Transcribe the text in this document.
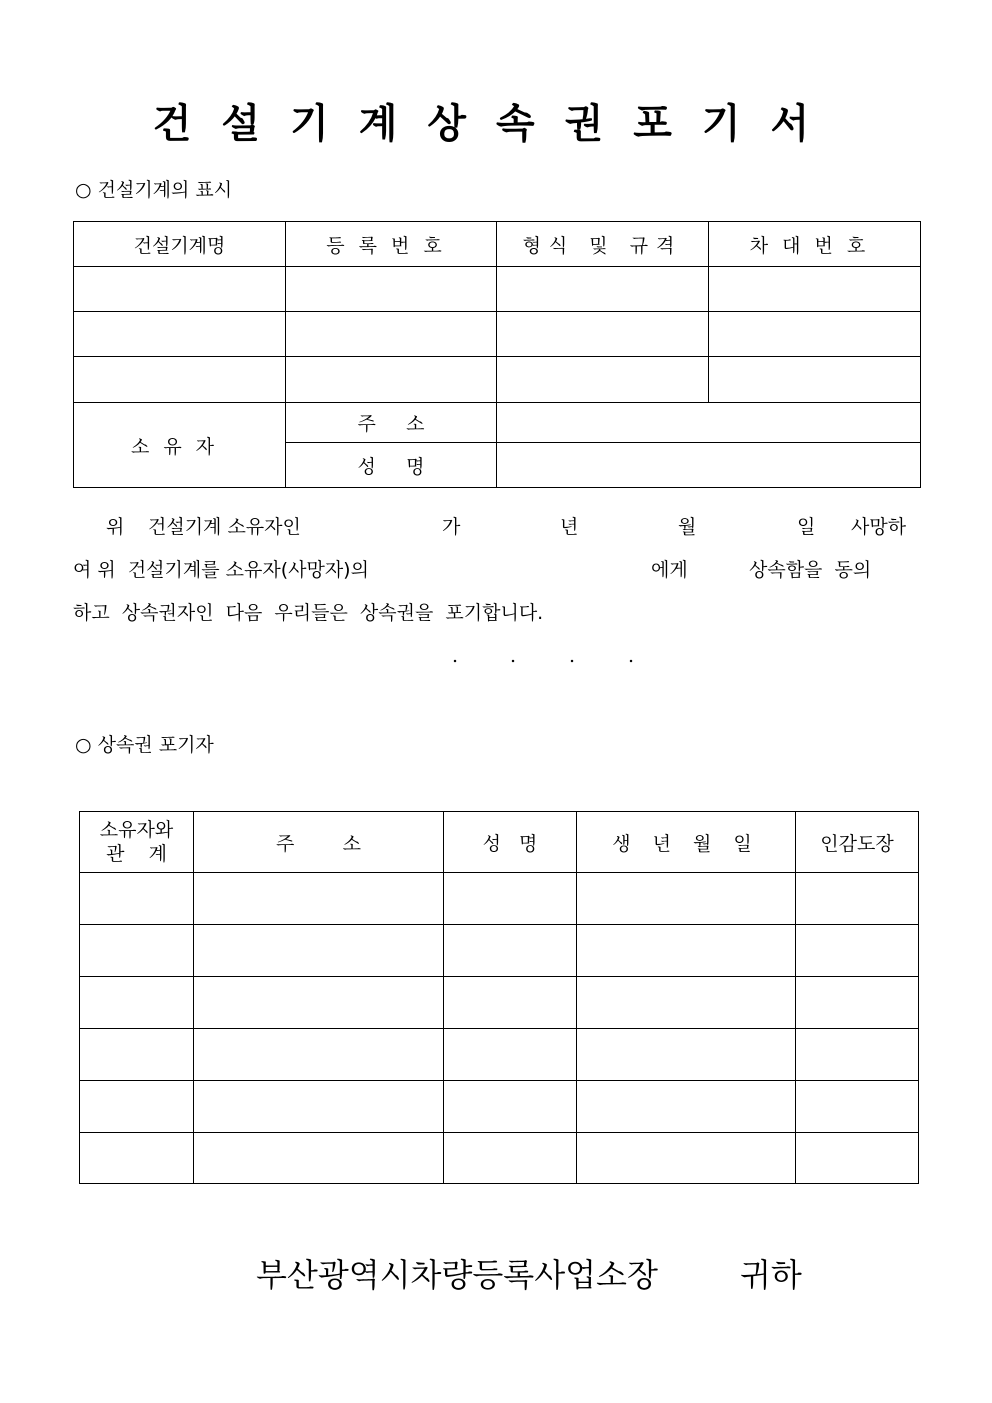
건설기계상속권포기서
○ 건설기계의 표시
건설기계명	등록번호	형식 및 규격	차대번호

소유자	주     소		
	성     명		
위 건설기계 소유자인	가	년	월	일 사망하
여 위  건설기계를 소유자(사망자)의	에게	상속함을  동의
하고  상속권자인  다음  우리들은  상속권을  포기합니다.
.	.	.	.
○ 상속권 포기자
소유자와
관    계	주        소	성   명	생 년 월 일	인감도장

부산광역시차량등록사업소장	귀하
